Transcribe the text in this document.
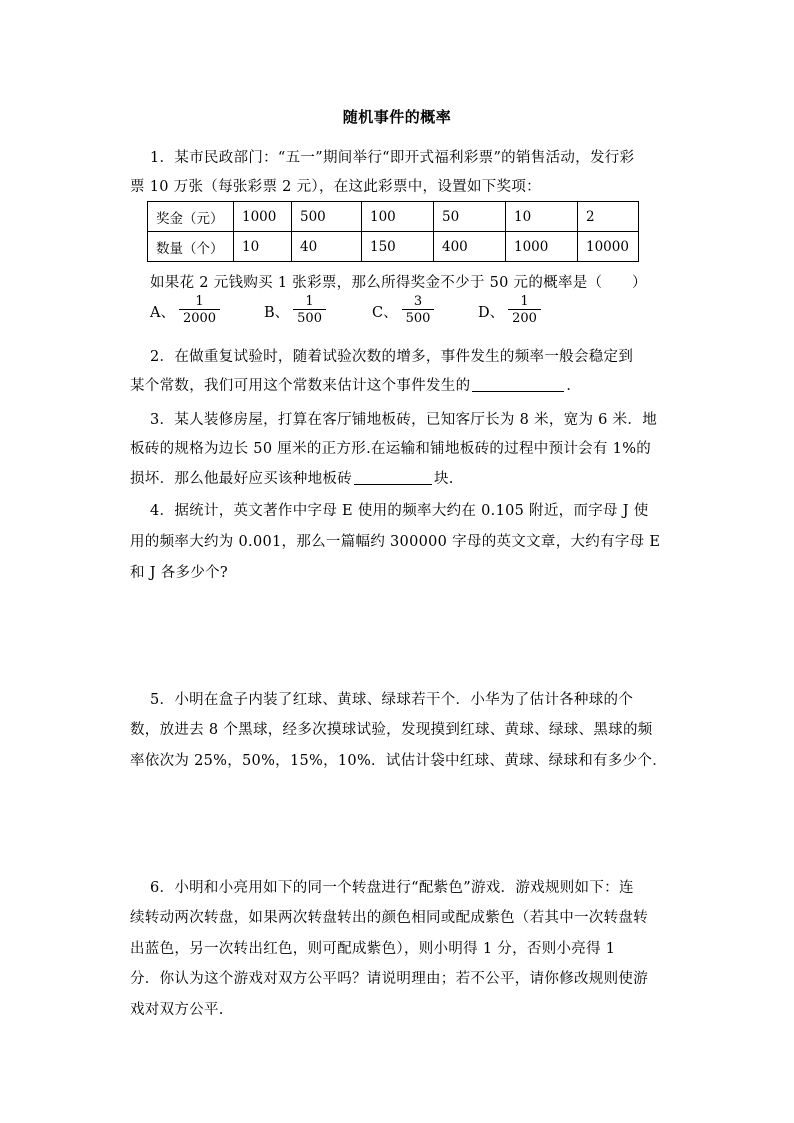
随机事件的概率
1．某市民政部门：“五一”期间举行“即开式福利彩票”的销售活动，发行彩
票 10 万张（每张彩票 2 元），在这此彩票中，设置如下奖项：
奖金（元）	1000	500	100	50	10	2
数量（个）	10	40	150	400	1000	10000
如果花 2 元钱购买 1 张彩票，那么所得奖金不少于 50 元的概率是（　　）
A、 $\frac{1}{2000}$	B、 $\frac{1}{500}$	C、 $\frac{3}{500}$	D、 $\frac{1}{200}$
2．在做重复试验时，随着试验次数的增多，事件发生的频率一般会稳定到
某个常数，我们可用这个常数来估计这个事件发生的	．
3．某人装修房屋，打算在客厅铺地板砖，已知客厅长为 8 米，宽为 6 米．地
板砖的规格为边长 50 厘米的正方形.在运输和铺地板砖的过程中预计会有 1%的
损坏．那么他最好应买该种地板砖	块.
4．据统计，英文著作中字母 E 使用的频率大约在 0.105 附近，而字母 J 使
用的频率大约为 0.001，那么一篇幅约 300000 字母的英文文章，大约有字母 E
和 J 各多少个?
5．小明在盒子内装了红球、黄球、绿球若干个．小华为了估计各种球的个
数，放进去 8 个黑球，经多次摸球试验，发现摸到红球、黄球、绿球、黑球的频
率依次为 25%，50%，15%，10%．试估计袋中红球、黄球、绿球和有多少个．
6．小明和小亮用如下的同一个转盘进行“配紫色”游戏．游戏规则如下：连
续转动两次转盘，如果两次转盘转出的颜色相同或配成紫色（若其中一次转盘转
出蓝色，另一次转出红色，则可配成紫色），则小明得 1 分，否则小亮得 1
分．你认为这个游戏对双方公平吗？请说明理由；若不公平，请你修改规则使游
戏对双方公平.
